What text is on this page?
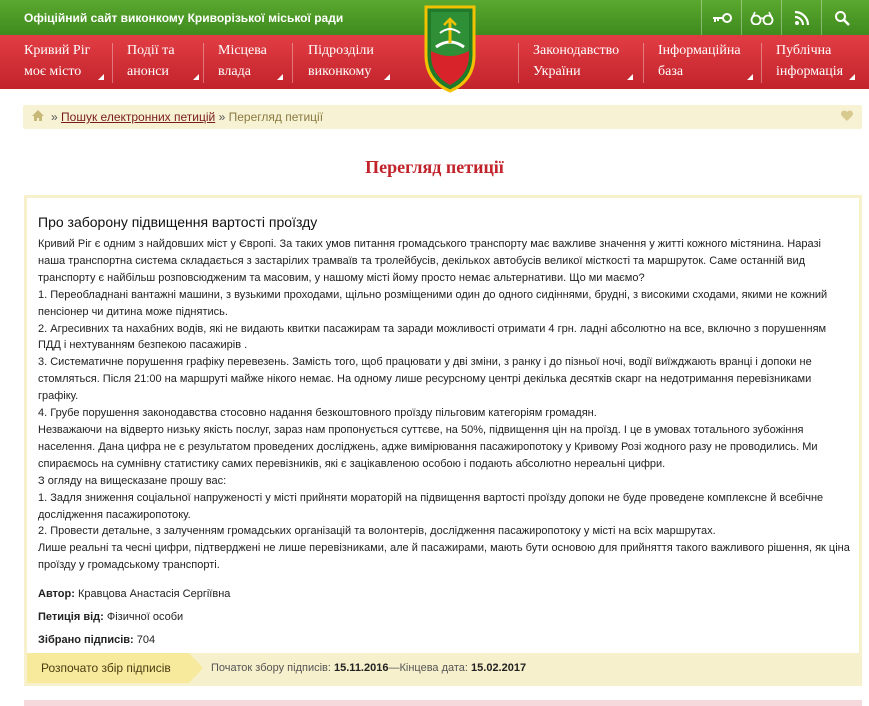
Офіційний сайт виконкому Криворізької міської ради
Кривий Ріг
моє місто
Події та
анонси
Місцева
влада
Підрозділи
виконкому
Законодавство
України
Інформаційна
база
Публічна
інформація
» Пошук електронних петицій » Перегляд петиції
Перегляд петиції
Про заборону підвищення вартості проїзду

Кривий Ріг є одним з найдовших міст у Європі. За таких умов питання громадського транспорту має важливе значення у житті кожного містянина. Наразі наша транспортна система складається з застарілих трамваїв та тролейбусів, декількох автобусів великої місткості та маршруток. Саме останній вид транспорту є найбільш розповсюдженим та масовим, у нашому місті йому просто немає альтернативи. Що ми маємо?

1. Переобладнані вантажні машини, з вузькими проходами, щільно розміщеними один до одного сидіннями, брудні, з високими сходами, якими не кожний пенсіонер чи дитина може піднятись.

2. Агресивних та нахабних водів, які не видають квитки пасажирам та заради можливості отримати 4 грн. ладні абсолютно на все, включно з порушенням ПДД і нехтуванням безпекою пасажирів .

3. Систематичне порушення графіку перевезень. Замість того, щоб працювати у дві зміни, з ранку і до пізньої ночі, водії виїжджають вранці і допоки не стомляться. Після 21:00 на маршруті майже нікого немає. На одному лише ресурсному центрі декілька десятків скарг на недотримання перевізниками графіку.

4. Грубе порушення законодавства стосовно надання безкоштовного проїзду пільговим категоріям громадян.

Незважаючи на відверто низьку якість послуг, зараз нам пропонується суттєве, на 50%, підвищення цін на проїзд. І це в умовах тотального зубожіння населення. Дана цифра не є результатом проведених досліджень, адже вимірювання пасажиропотоку у Кривому Розі жодного разу не проводились. Ми спираємось на сумнівну статистику самих перевізників, які є зацікавленою особою і подають абсолютно нереальні цифри.

З огляду на вищесказане прошу вас:

1. Задля зниження соціальної напруженості у місті прийняти мораторій на підвищення вартості проїзду допоки не буде проведене комплексне й всебічне дослідження пасажиропотоку.

2. Провести детальне, з залученням громадських організацій та волонтерів, дослідження пасажиропотоку у місті на всіх маршрутах.

Лише реальні та чесні цифри, підтверджені не лише перевізниками, але й пасажирами, мають бути основою для прийняття такого важливого рішення, як ціна проїзду у громадському транспорті.

Автор: Кравцова Анастасія Сергіївна
Петиція від: Фізичної особи
Зібрано підписів: 704
Розпочато збір підписів	Початок збору підписів: 15.11.2016—Кінцева дата: 15.02.2017
